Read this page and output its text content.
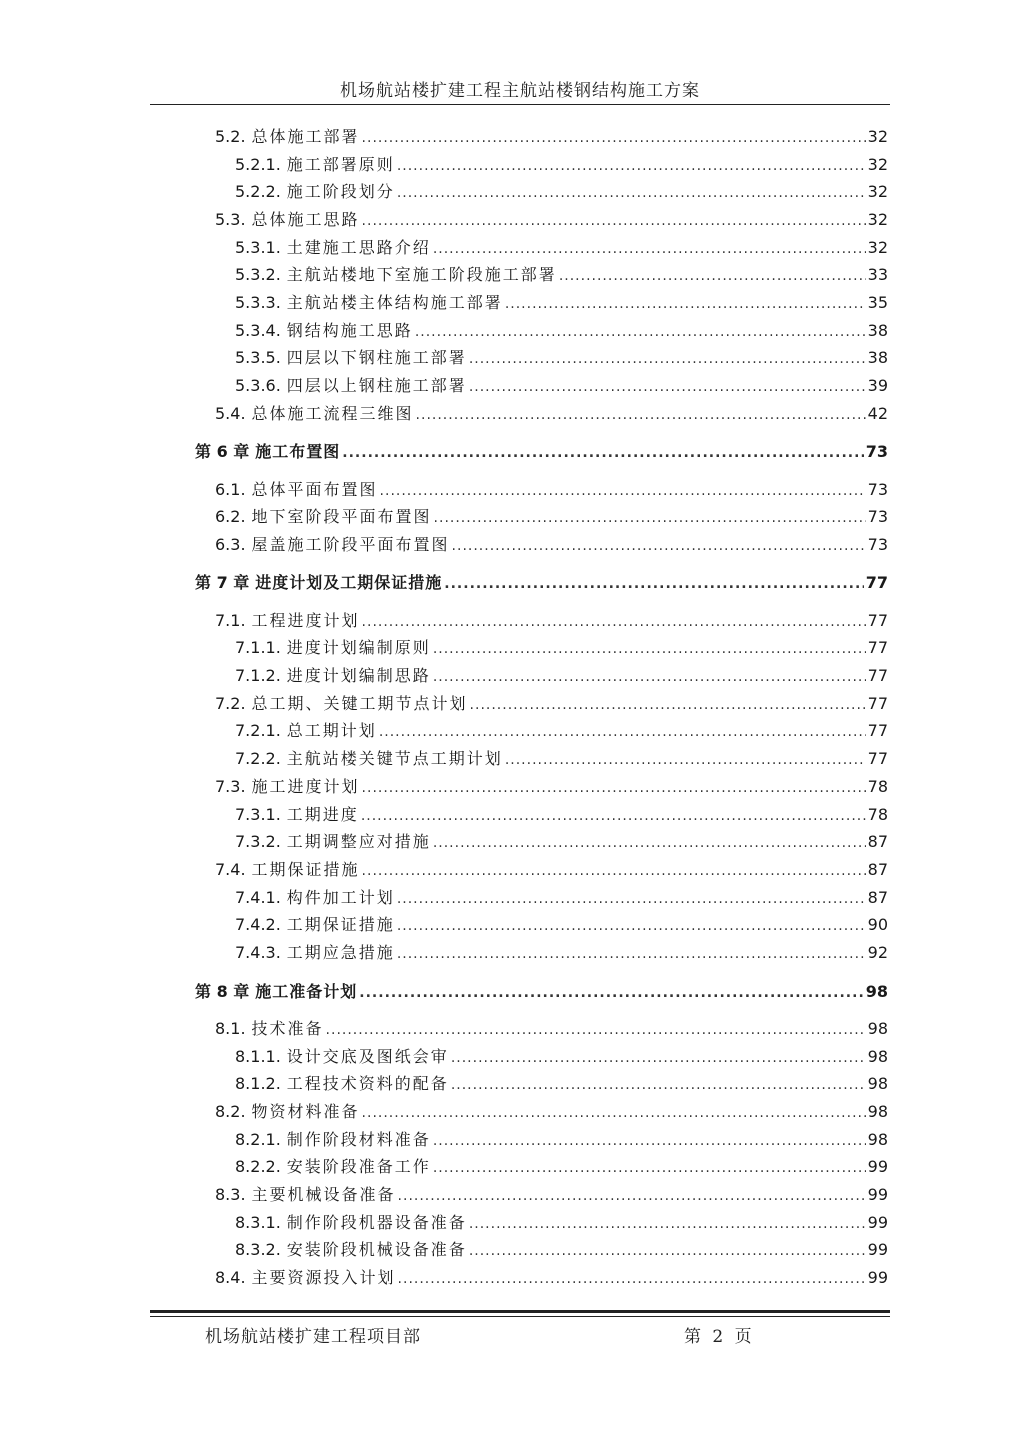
机场航站楼扩建工程主航站楼钢结构施工方案
5.2. 总体施工部署 .....	32
5.2.1. 施工部署原则 .....	32
5.2.2. 施工阶段划分 .....	32
5.3. 总体施工思路 .....	32
5.3.1. 土建施工思路介绍 .....	32
5.3.2. 主航站楼地下室施工阶段施工部署 .....	33
5.3.3. 主航站楼主体结构施工部署 .....	35
5.3.4. 钢结构施工思路 .....	38
5.3.5. 四层以下钢柱施工部署 .....	38
5.3.6. 四层以上钢柱施工部署 .....	39
5.4. 总体施工流程三维图 .....	42
第 6 章 施工布置图 .....	73
6.1. 总体平面布置图 .....	73
6.2. 地下室阶段平面布置图 .....	73
6.3. 屋盖施工阶段平面布置图 .....	73
第 7 章 进度计划及工期保证措施 .....	77
7.1. 工程进度计划 .....	77
7.1.1. 进度计划编制原则 .....	77
7.1.2. 进度计划编制思路 .....	77
7.2. 总工期、关键工期节点计划 .....	77
7.2.1. 总工期计划 .....	77
7.2.2. 主航站楼关键节点工期计划 .....	77
7.3. 施工进度计划 .....	78
7.3.1. 工期进度 .....	78
7.3.2. 工期调整应对措施 .....	87
7.4. 工期保证措施 .....	87
7.4.1. 构件加工计划 .....	87
7.4.2. 工期保证措施 .....	90
7.4.3. 工期应急措施 .....	92
第 8 章 施工准备计划 .....	98
8.1. 技术准备 .....	98
8.1.1. 设计交底及图纸会审 .....	98
8.1.2. 工程技术资料的配备 .....	98
8.2. 物资材料准备 .....	98
8.2.1. 制作阶段材料准备 .....	98
8.2.2. 安装阶段准备工作 .....	99
8.3. 主要机械设备准备 .....	99
8.3.1. 制作阶段机器设备准备 .....	99
8.3.2. 安装阶段机械设备准备 .....	99
8.4. 主要资源投入计划 .....	99
机场航站楼扩建工程项目部	第 2 页
